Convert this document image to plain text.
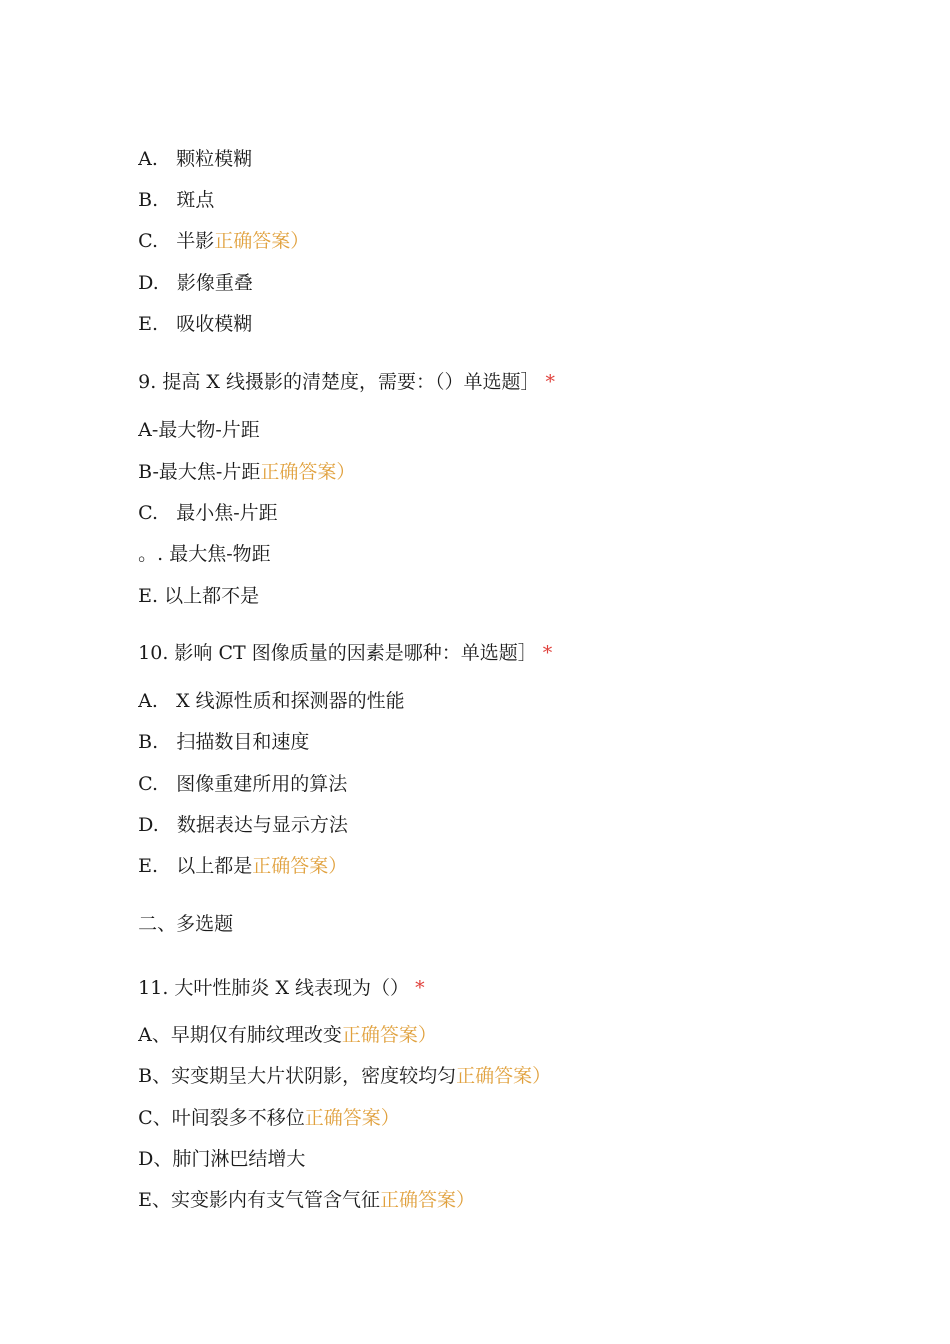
A. 颗粒模糊

B. 斑点

C. 半影正确答案）

D. 影像重叠

E. 吸收模糊

9. 提高 X 线摄影的清楚度，需要：（）单选题］ *

A-最大物-片距

B-最大焦-片距正确答案）

C.   最小焦-片距

。. 最大焦-物距

E. 以上都不是

10. 影响 CT 图像质量的因素是哪种：单选题］ *

A. X 线源性质和探测器的性能

B. 扫描数目和速度

C. 图像重建所用的算法

D. 数据表达与显示方法

E. 以上都是正确答案）

二、多选题

11. 大叶性肺炎 X 线表现为（） *

A、早期仅有肺纹理改变正确答案）

B、实变期呈大片状阴影，密度较均匀正确答案）

C、叶间裂多不移位正确答案）

D、肺门淋巴结增大

E、实变影内有支气管含气征正确答案）
